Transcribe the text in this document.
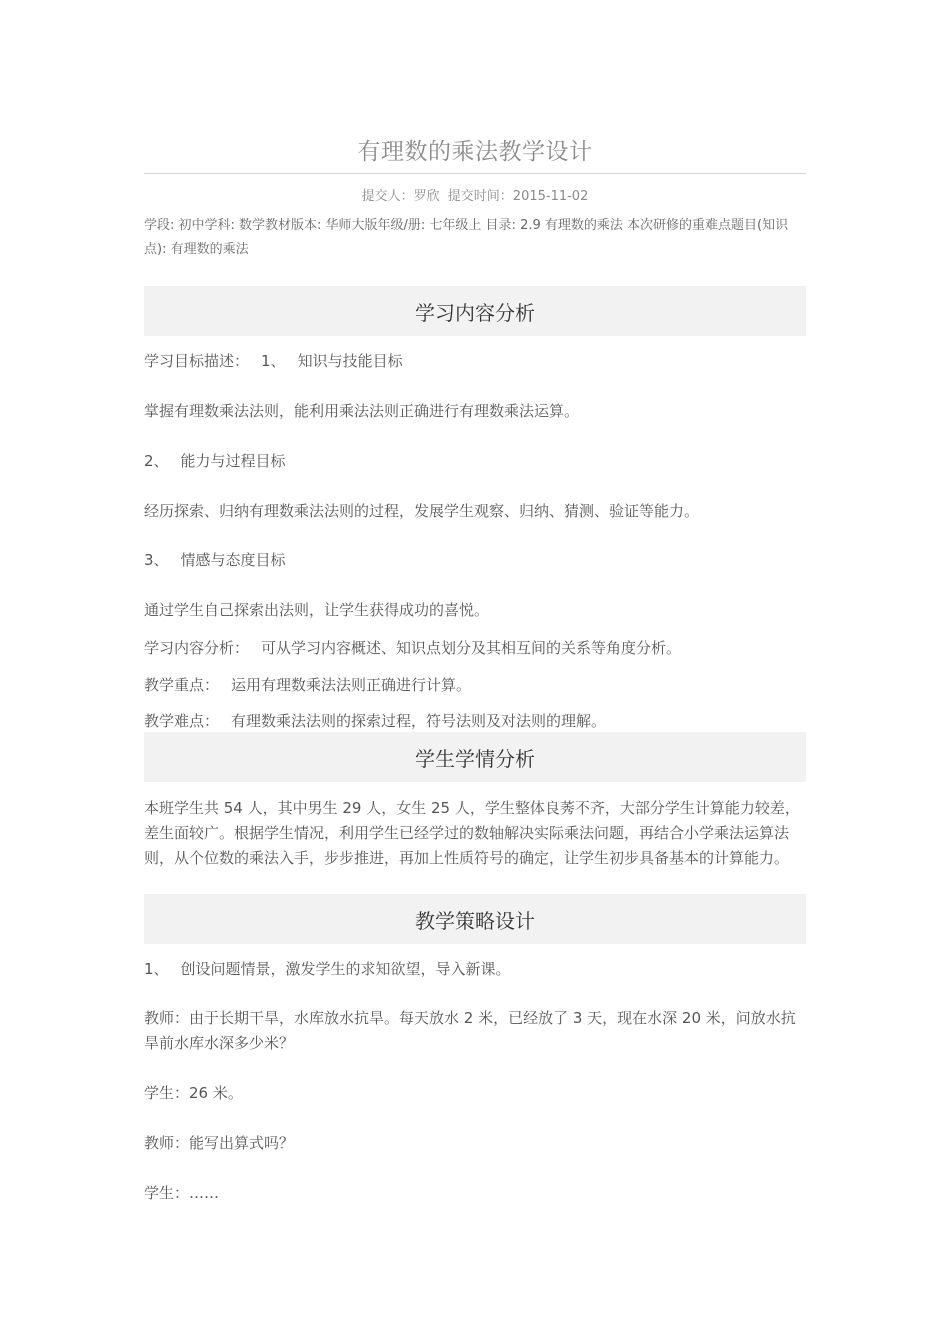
有理数的乘法教学设计
提交人：罗欣 提交时间：2015-11-02
学段: 初中学科: 数学教材版本: 华师大版年级/册: 七年级上 目录: 2.9 有理数的乘法 本次研修的重难点题目(知识点): 有理数的乘法
学习内容分析
学习目标描述： 1、 知识与技能目标
掌握有理数乘法法则，能利用乘法法则正确进行有理数乘法运算。
2、 能力与过程目标
经历探索、归纳有理数乘法法则的过程，发展学生观察、归纳、猜测、验证等能力。
3、 情感与态度目标
通过学生自己探索出法则，让学生获得成功的喜悦。
学习内容分析： 可从学习内容概述、知识点划分及其相互间的关系等角度分析。
教学重点： 运用有理数乘法法则正确进行计算。
教学难点： 有理数乘法法则的探索过程，符号法则及对法则的理解。
学生学情分析
本班学生共 54 人，其中男生 29 人，女生 25 人，学生整体良莠不齐，大部分学生计算能力较差，差生面较广。根据学生情况，利用学生已经学过的数轴解决实际乘法问题，再结合小学乘法运算法则，从个位数的乘法入手，步步推进，再加上性质符号的确定，让学生初步具备基本的计算能力。
教学策略设计
1、 创设问题情景，激发学生的求知欲望，导入新课。
教师：由于长期干旱，水库放水抗旱。每天放水 2 米，已经放了 3 天，现在水深 20 米，问放水抗旱前水库水深多少米？
学生：26 米。
教师：能写出算式吗？
学生：……
